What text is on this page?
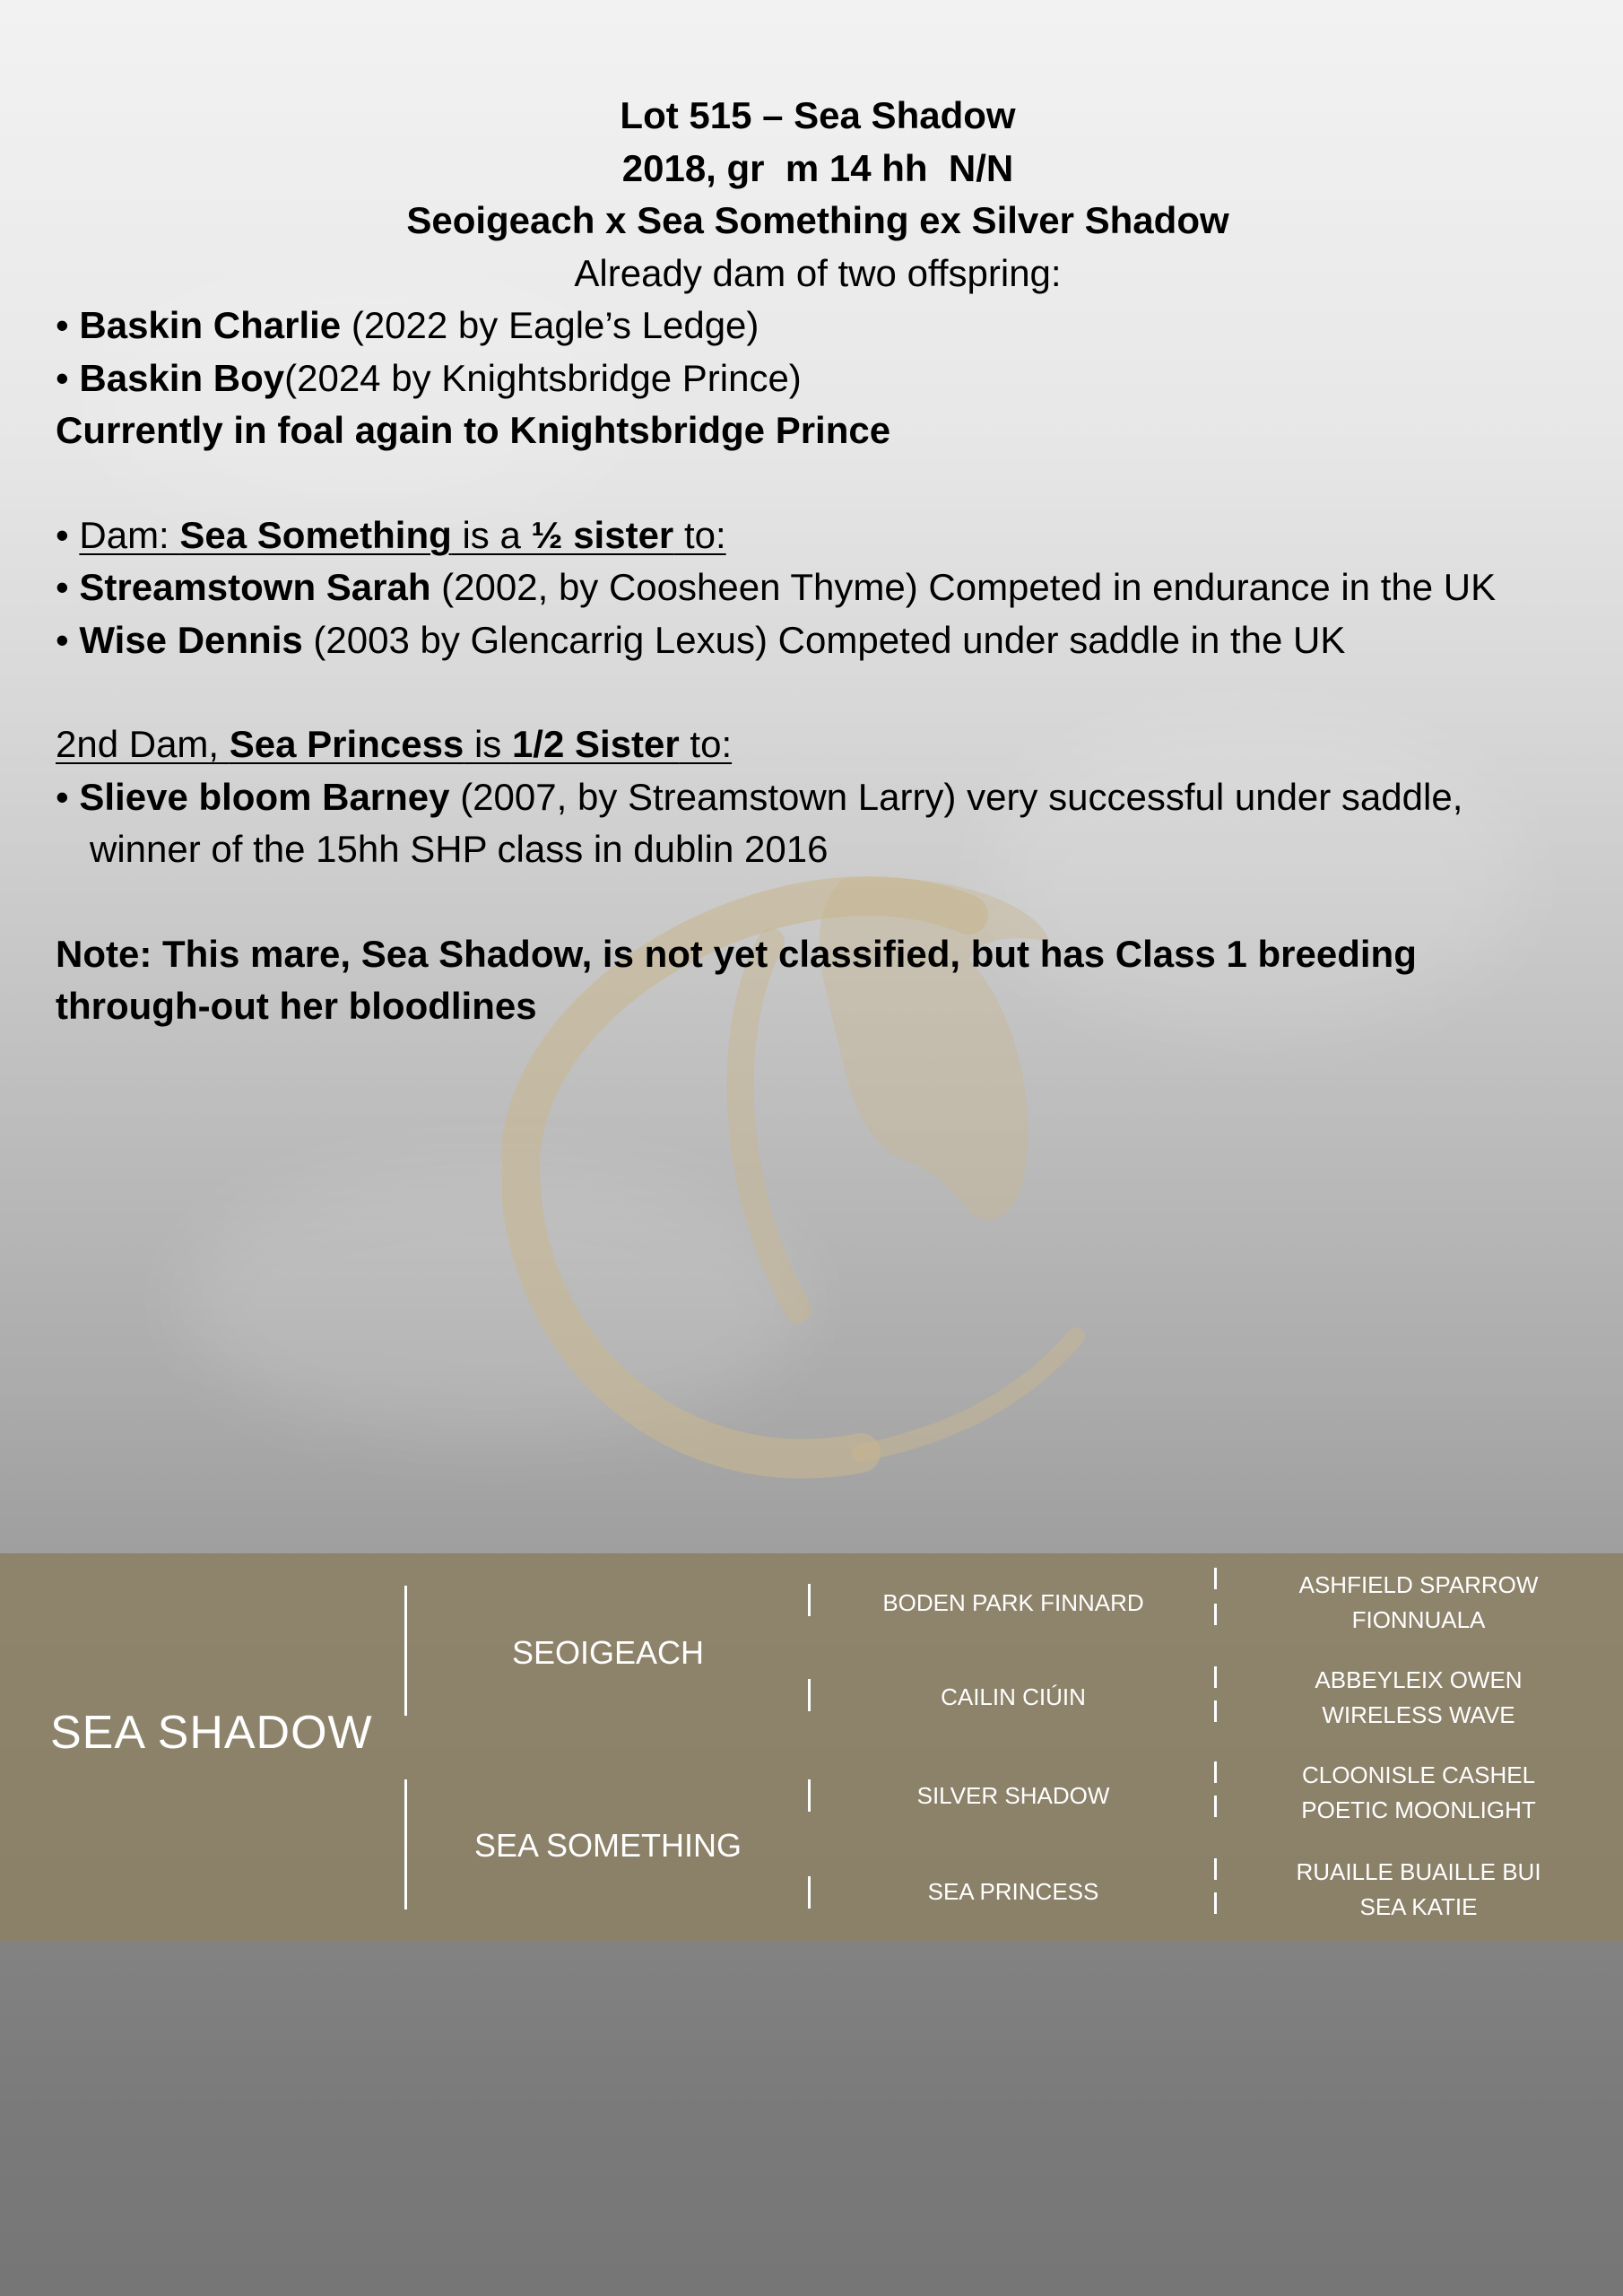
Lot 515 – Sea Shadow
2018, gr  m 14 hh  N/N
Seoigeach x Sea Something ex Silver Shadow
Already dam of two offspring:
• Baskin Charlie (2022 by Eagle’s Ledge)
• Baskin Boy(2024 by Knightsbridge Prince)
Currently in foal again to Knightsbridge Prince
• Dam: Sea Something is a ½ sister to:
• Streamstown Sarah (2002, by Coosheen Thyme) Competed in endurance in the UK
• Wise Dennis (2003 by Glencarrig Lexus) Competed under saddle in the UK
2nd Dam, Sea Princess is 1/2 Sister to:
• Slieve bloom Barney (2007, by Streamstown Larry) very successful under saddle, winner of the 15hh SHP class in dublin 2016
Note: This mare, Sea Shadow, is not yet classified, but has Class 1 breeding through-out her bloodlines
SEA SHADOW
SEOIGEACH
SEA SOMETHING
BODEN PARK FINNARD
CAILIN CIÚIN
SILVER SHADOW
SEA PRINCESS
ASHFIELD SPARROW
FIONNUALA
ABBEYLEIX OWEN
WIRELESS WAVE
CLOONISLE CASHEL
POETIC MOONLIGHT
RUAILLE BUAILLE BUI
SEA KATIE
